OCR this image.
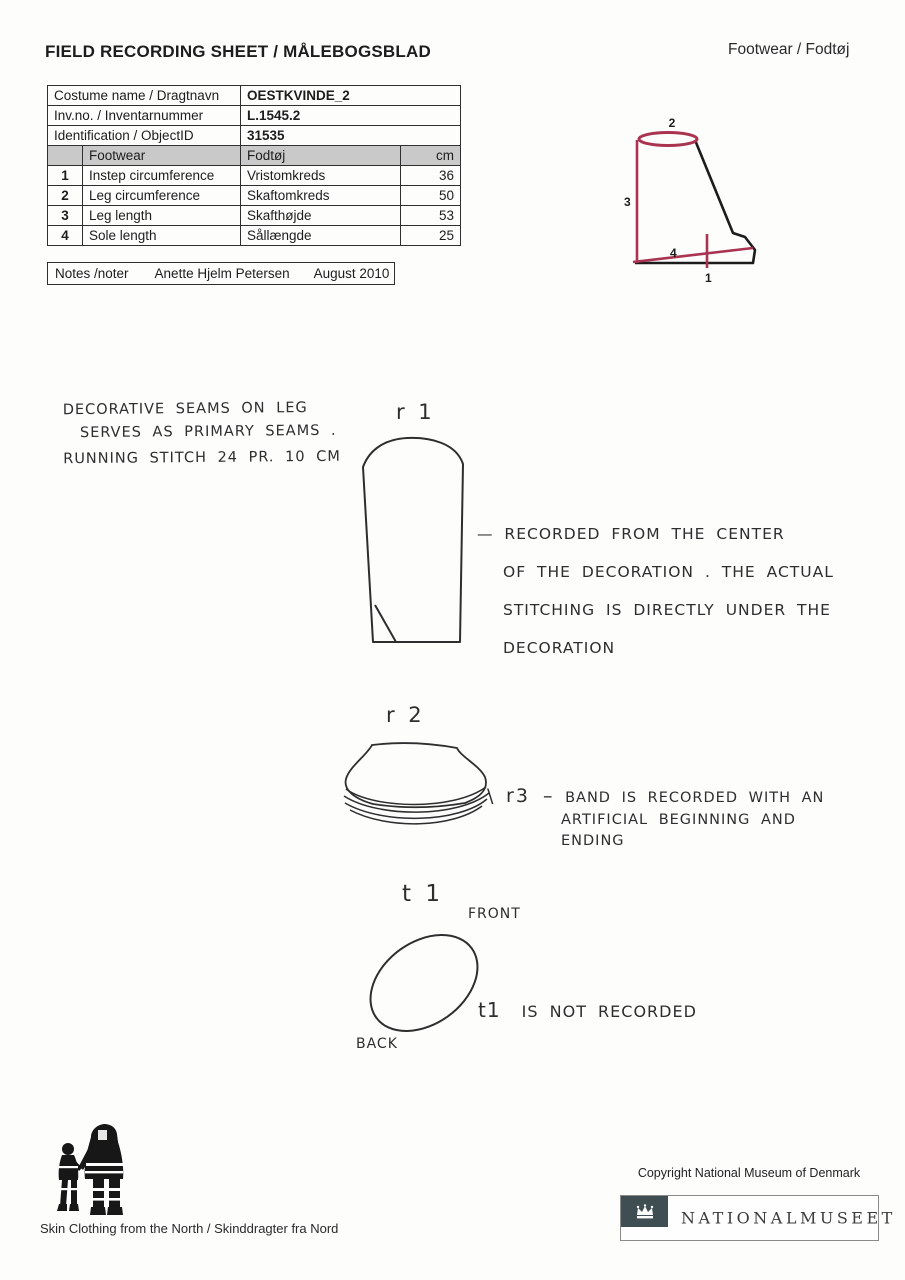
FIELD RECORDING SHEET / MÅLEBOGSBLAD	Footwear / Fodtøj
Costume name / Dragtnavn		OESTKVINDE_2	
Inv.no. / Inventarnummer		L.1545.2	
Identification / ObjectID		31535	
	Footwear	Fodtøj	cm
1	Instep circumference	Vristomkreds	36
2	Leg circumference	Skaftomkreds	50
3	Leg length	Skafthøjde	53
4	Sole length	Sållængde	25
Notes /noter Anette Hjelm Petersen August 2010
2
3
4
1
DECORATIVE SEAMS ON LEG
SERVES AS PRIMARY SEAMS .
RUNNING STITCH 24 PR. 10 CM
r 1
— RECORDED FROM THE CENTER
OF THE DECORATION . THE ACTUAL
STITCHING IS DIRECTLY UNDER THE
DECORATION
r 2
\ r3 – BAND IS RECORDED WITH AN
ARTIFICIAL BEGINNING AND
ENDING
t 1
FRONT
BACK
t1 IS NOT RECORDED
Skin Clothing from the North / Skinddragter fra Nord
Copyright National Museum of Denmark
NATIONALMUSEET
